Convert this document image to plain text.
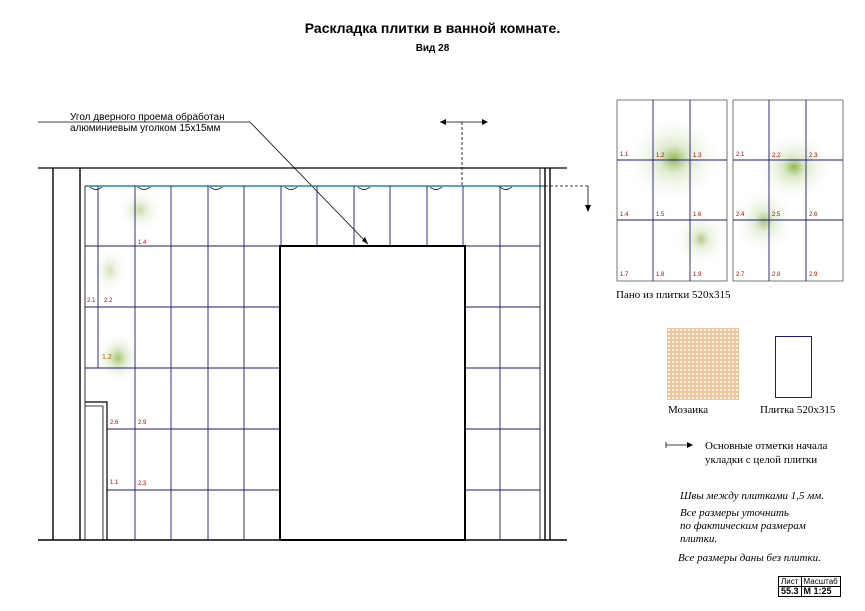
Раскладка плитки в ванной комнате.
Вид 28
Угол дверного проема обработан
алюминиевым уголком 15х15мм
1.4
2.1 2.2
1.2
2.6	2.9
1.1	2.3
1.1	1.2	1.3
1.4	1.5	1.6
1.7	1.8	1.9
2.1	2.2	2.3
2.4	2.5	2.6
2.7	2.8	2.9
Пано из плитки 520х315
Мозаика	Плитка 520х315
Основные отметки начала
укладки с целой плитки
Швы между плитками 1,5 мм.
Все размеры уточнить
по фактическим размерам
плитки.
Все размеры даны без плитки.
Лист	Масштаб
55.3	М 1:25
